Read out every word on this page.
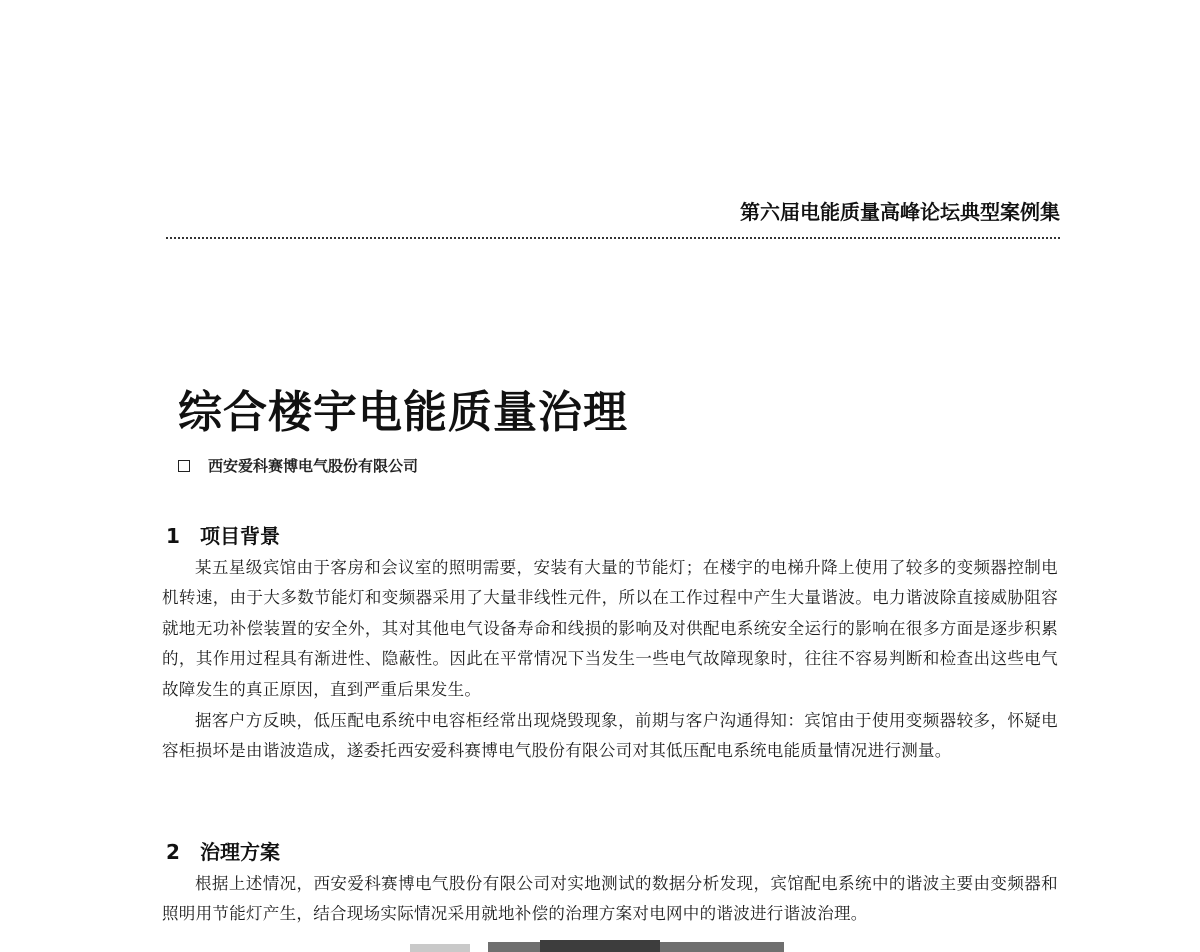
第六届电能质量高峰论坛典型案例集
综合楼宇电能质量治理
西安爱科赛博电气股份有限公司
1 项目背景

某五星级宾馆由于客房和会议室的照明需要，安装有大量的节能灯；在楼宇的电梯升降上使用了较多的变频器控制电机转速，由于大多数节能灯和变频器采用了大量非线性元件，所以在工作过程中产生大量谐波。电力谐波除直接威胁阻容就地无功补偿装置的安全外，其对其他电气设备寿命和线损的影响及对供配电系统安全运行的影响在很多方面是逐步积累的，其作用过程具有渐进性、隐蔽性。因此在平常情况下当发生一些电气故障现象时，往往不容易判断和检查出这些电气故障发生的真正原因，直到严重后果发生。

据客户方反映，低压配电系统中电容柜经常出现烧毁现象，前期与客户沟通得知：宾馆由于使用变频器较多，怀疑电容柜损坏是由谐波造成，遂委托西安爱科赛博电气股份有限公司对其低压配电系统电能质量情况进行测量。

2 治理方案

根据上述情况，西安爱科赛博电气股份有限公司对实地测试的数据分析发现，宾馆配电系统中的谐波主要由变频器和照明用节能灯产生，结合现场实际情况采用就地补偿的治理方案对电网中的谐波进行谐波治理。
